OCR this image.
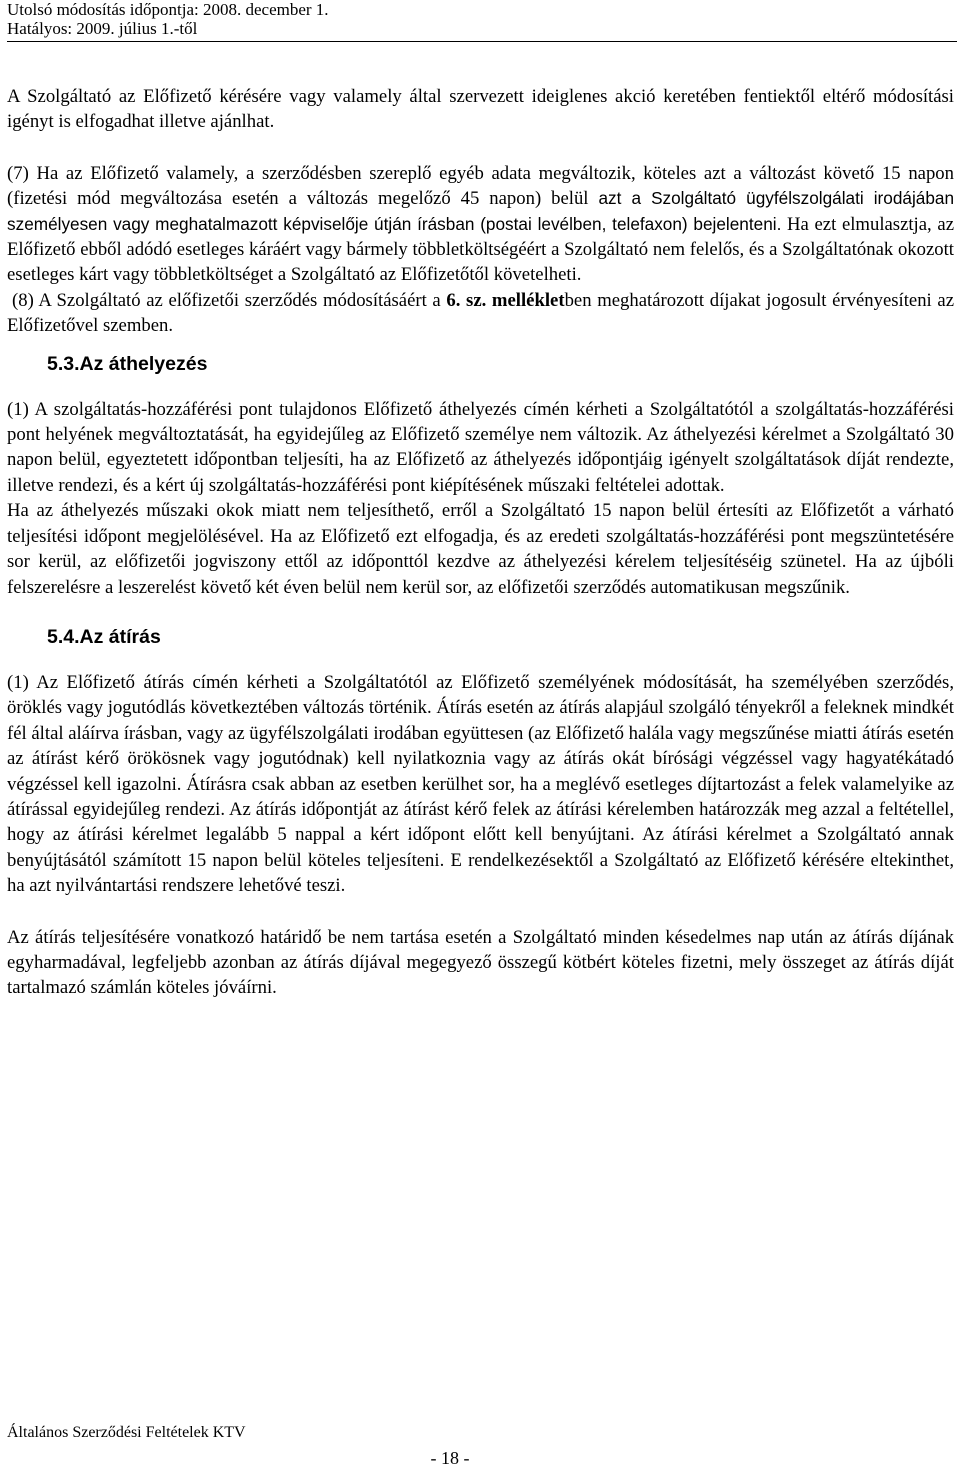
Utolsó módosítás időpontja: 2008. december 1.
Hatályos: 2009. július 1.-től

A Szolgáltató az Előfizető kérésére vagy valamely által szervezett ideiglenes akció keretében fentiektől eltérő módosítási igényt is elfogadhat illetve ajánlhat.

(7) Ha az Előfizető valamely, a szerződésben szereplő egyéb adata megváltozik, köteles azt a változást követő 15 napon (fizetési mód megváltozása esetén a változás megelőző 45 napon) belül azt a Szolgáltató ügyfélszolgálati irodájában személyesen vagy meghatalmazott képviselője útján írásban (postai levélben, telefaxon) bejelenteni. Ha ezt elmulasztja, az Előfizető ebből adódó esetleges káráért vagy bármely többletköltségéért a Szolgáltató nem felelős, és a Szolgáltatónak okozott esetleges kárt vagy többletköltséget a Szolgáltató az Előfizetőtől követelheti.

(8) A Szolgáltató az előfizetői szerződés módosításáért a 6. sz. mellékletben meghatározott díjakat jogosult érvényesíteni az Előfizetővel szemben.

5.3.Az áthelyezés

(1) A szolgáltatás-hozzáférési pont tulajdonos Előfizető áthelyezés címén kérheti a Szolgáltatótól a szolgáltatás-hozzáférési pont helyének megváltoztatását, ha egyidejűleg az Előfizető személye nem változik. Az áthelyezési kérelmet a Szolgáltató 30 napon belül, egyeztetett időpontban teljesíti, ha az Előfizető az áthelyezés időpontjáig igényelt szolgáltatások díját rendezte, illetve rendezi, és a kért új szolgáltatás-hozzáférési pont kiépítésének műszaki feltételei adottak.

Ha az áthelyezés műszaki okok miatt nem teljesíthető, erről a Szolgáltató 15 napon belül értesíti az Előfizetőt a várható teljesítési időpont megjelölésével. Ha az Előfizető ezt elfogadja, és az eredeti szolgáltatás-hozzáférési pont megszüntetésére sor kerül, az előfizetői jogviszony ettől az időponttól kezdve az áthelyezési kérelem teljesítéséig szünetel. Ha az újbóli felszerelésre a leszerelést követő két éven belül nem kerül sor, az előfizetői szerződés automatikusan megszűnik.

5.4.Az átírás

(1) Az Előfizető átírás címén kérheti a Szolgáltatótól az Előfizető személyének módosítását, ha személyében szerződés, öröklés vagy jogutódlás következtében változás történik. Átírás esetén az átírás alapjául szolgáló tényekről a feleknek mindkét fél által aláírva írásban, vagy az ügyfélszolgálati irodában együttesen (az Előfizető halála vagy megszűnése miatti átírás esetén az átírást kérő örökösnek vagy jogutódnak) kell nyilatkoznia vagy az átírás okát bírósági végzéssel vagy hagyatékátadó végzéssel kell igazolni. Átírásra csak abban az esetben kerülhet sor, ha a meglévő esetleges díjtartozást a felek valamelyike az átírással egyidejűleg rendezi. Az átírás időpontját az átírást kérő felek az átírási kérelemben határozzák meg azzal a feltétellel, hogy az átírási kérelmet legalább 5 nappal a kért időpont előtt kell benyújtani. Az átírási kérelmet a Szolgáltató annak benyújtásától számított 15 napon belül köteles teljesíteni. E rendelkezésektől a Szolgáltató az Előfizető kérésére eltekinthet, ha azt nyilvántartási rendszere lehetővé teszi.

Az átírás teljesítésére vonatkozó határidő be nem tartása esetén a Szolgáltató minden késedelmes nap után az átírás díjának egyharmadával, legfeljebb azonban az átírás díjával megegyező összegű kötbért köteles fizetni, mely összeget az átírás díját tartalmazó számlán köteles jóváírni.

Általános Szerződési Feltételek KTV
- 18 -
